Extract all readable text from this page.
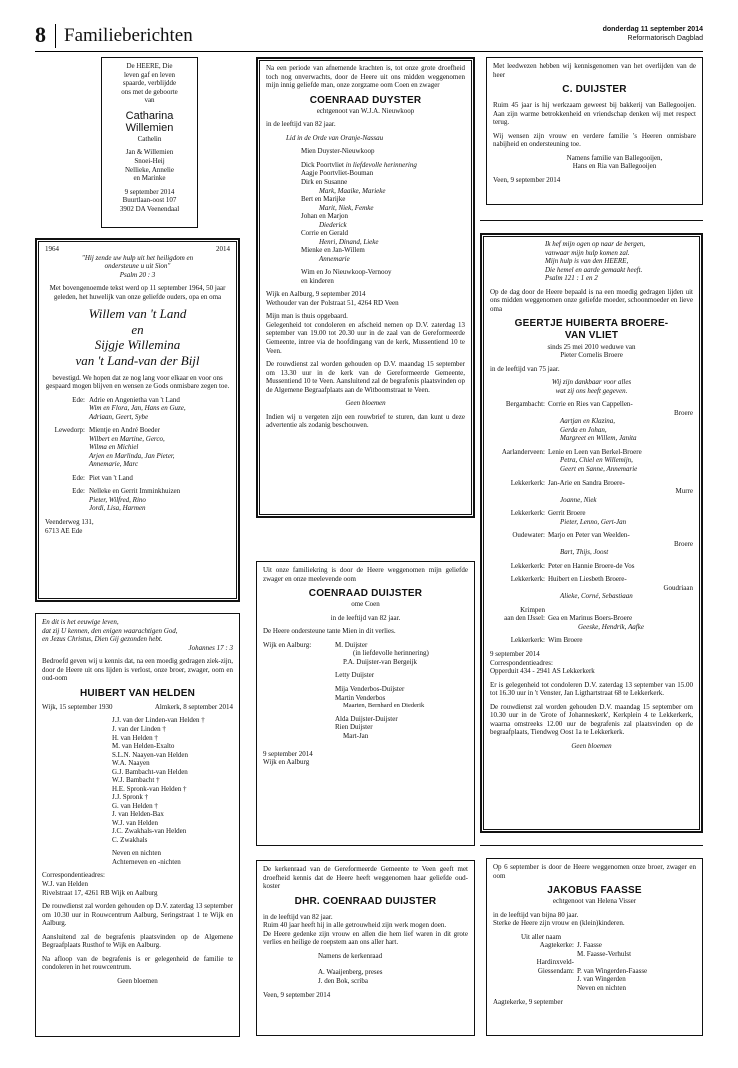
8 Familieberichten	donderdag 11 september 2014
Reformatorisch Dagblad
De HEERE, Die
leven gaf en leven
spaarde, verblijdde
ons met de geboorte
van
Catharina
Willemien
Cathelin
Jan & Willemien
Snoei-Heij
Nellieke, Annelie
en Marinke
9 september 2014
Buurtlaan-oost 107
3902 DA Veenendaal
1964	2014
"Hij zende uw hulp uit het heiligdom en
ondersteune u uit Sion"
Psalm 20 : 3

Met bovengenoemde tekst werd op 11 september 1964, 50 jaar geleden, het huwelijk van onze geliefde ouders, opa en oma

Willem van 't Land
en
Sijgje Willemina
van 't Land-van der Bijl

bevestigd. We hopen dat ze nog lang voor elkaar en voor ons gespaard mogen blijven en wensen ze Gods onmisbare zegen toe.

Ede: Adrie en Angenietha van 't Land
Wim en Flora, Jan, Hans en Guze,
Adriaan, Geert, Sybe
Lewedorp: Mientje en André Boeder
Wilbert en Martine, Gerco,
Wilma en Michiel
Arjen en Marlinda, Jan Pieter,
Annemarie, Marc
Ede: Piet van 't Land
Ede: Nelleke en Gerrit Imminkhuizen
Pieter, Wilfred, Rino
Jordi, Lisa, Harmen
Veenderweg 131,
6713 AE Ede
En dit is het eeuwige leven,
dat zij U kennen, den enigen waarachtigen God,
en Jezus Christus, Dien Gij gezonden hebt.
Johannes 17 : 3

Bedroefd geven wij u kennis dat, na een moedig gedragen ziek-zijn, door de Heere uit ons lijden is verlost, onze broer, zwager, oom en oud-oom

HUIBERT VAN HELDEN
Wijk, 15 september 1930	Almkerk, 8 september 2014
J.J. van der Linden-van Helden †
J. van der Linden †
H. van Helden †
M. van Helden-Exalto
S.L.N. Naayen-van Helden
W.A. Naayen
G.J. Bambacht-van Helden
W.J. Bambacht †
H.E. Spronk-van Helden †
J.J. Spronk †
G. van Helden †
J. van Helden-Bax
W.J. van Helden
J.C. Zwakhals-van Helden
C. Zwakhals
Neven en nichten
Achterneven en -nichten
Correspondentieadres:
W.J. van Helden
Rivelstraat 17, 4261 RB Wijk en Aalburg

De rouwdienst zal worden gehouden op D.V. zaterdag 13 september om 10.30 uur in Rouwcentrum Aalburg, Seringstraat 1 te Wijk en Aalburg.

Aansluitend zal de begrafenis plaatsvinden op de Algemene Begraafplaats Rusthof te Wijk en Aalburg.

Na afloop van de begrafenis is er gelegenheid de familie te condoleren in het rouwcentrum.

Geen bloemen

Na een periode van afnemende krachten is, tot onze grote droefheid toch nog onverwachts, door de Heere uit ons midden weggenomen mijn innig geliefde man, onze zorgzame oom Coen en zwager

COENRAAD DUYSTER
echtgenoot van W.J.A. Nieuwkoop
in de leeftijd van 82 jaar.
Lid in de Orde van Oranje-Nassau
Mien Duyster-Nieuwkoop
Dick Poortvliet in liefdevolle herinnering
Aagje Poortvliet-Bouman
Dirk en Susanne
Mark, Maaike, Marieke
Bert en Marijke
Marit, Niek, Femke
Johan en Marjon
Diederick
Corrie en Gerald
Henri, Dinand, Lieke
Mienke en Jan-Willem
Annemarie
Wim en Jo Nieuwkoop-Vernooy
en kinderen
Wijk en Aalburg, 9 september 2014
Wethouder van der Polstraat 51, 4264 RD Veen
Mijn man is thuis opgebaard.

Gelegenheid tot condoleren en afscheid nemen op D.V. zaterdag 13 september van 19.00 tot 20.30 uur in de zaal van de Gereformeerde Gemeente, intree via de hoofdingang van de kerk, Mussentiend 10 te Veen.

De rouwdienst zal worden gehouden op D.V. maandag 15 september om 13.30 uur in de kerk van de Gereformeerde Gemeente, Mussentiend 10 te Veen. Aansluitend zal de begrafenis plaatsvinden op de Algemene Begraafplaats aan de Witboomstraat te Veen.

Geen bloemen

Indien wij u vergeten zijn een rouwbrief te sturen, dan kunt u deze advertentie als zodanig beschouwen.

Uit onze familiekring is door de Heere weggenomen mijn geliefde zwager en onze meelevende oom

COENRAAD DUIJSTER
ome Coen
in de leeftijd van 82 jaar.
De Heere ondersteune tante Mien in dit verlies.
Wijk en Aalburg:	M. Duijster
(in liefdevolle herinnering)
P.A. Duijster-van Bergeijk
Letty Duijster
Mija Venderbos-Duijster
Martin Venderbos
Maarten, Bernhard en Diederik
Alda Duijster-Duijster
Rien Duijster
Mart-Jan
9 september 2014
Wijk en Aalburg

De kerkenraad van de Gereformeerde Gemeente te Veen geeft met droefheid kennis dat de Heere heeft weggenomen haar geliefde oud-koster

DHR. COENRAAD DUIJSTER
in de leeftijd van 82 jaar.

Ruim 40 jaar heeft hij in alle getrouwheid zijn werk mogen doen.

De Heere gedenke zijn vrouw en allen die hem lief waren in dit grote verlies en heilige de roepstem aan ons aller hart.

Namens de kerkenraad
A. Waaijenberg, preses
J. den Bok, scriba
Veen, 9 september 2014

Met leedwezen hebben wij kennisgenomen van het overlijden van de heer

C. DUIJSTER

Ruim 45 jaar is hij werkzaam geweest bij bakkerij van Ballegooijen. Aan zijn warme betrokkenheid en vriendschap denken wij met respect terug.

Wij wensen zijn vrouw en verdere familie 's Heeren onmisbare nabijheid en ondersteuning toe.

Namens familie van Ballegooijen,
Hans en Ria van Ballegooijen
Veen, 9 september 2014
Ik hef mijn ogen op naar de bergen,
vanwaar mijn hulp komen zal.
Mijn hulp is van den HEERE,
Die hemel en aarde gemaakt heeft.
Psalm 121 : 1 en 2

Op de dag door de Heere bepaald is na een moedig gedragen lijden uit ons midden weggenomen onze geliefde moeder, schoonmoeder en lieve oma

GEERTJE HUIBERTA BROERE-
VAN VLIET
sinds 25 mei 2010 weduwe van
Pieter Cornelis Broere
in de leeftijd van 75 jaar.
Wij zijn dankbaar voor alles
wat zij ons heeft gegeven.
Bergambacht: Corrie en Ries van Cappellen-
Broere
Aartjan en Klazina,
Gerda en Johan,
Margreet en Willem, Janita
Aarlanderveen: Lenie en Leen van Berkel-Broere
Petra, Chiel en Willemijn,
Geert en Sanne, Annemarie
Lekkerkerk: Jan-Arie en Sandra Broere-
Murre
Joanne, Niek
Lekkerkerk: Gerrit Broere
Pieter, Lenno, Gert-Jan
Oudewater: Marjo en Peter van Weelden-
Broere
Bart, Thijs, Joost
Lekkerkerk: Peter en Hannie Broere-de Vos
Lekkerkerk: Huibert en Liesbeth Broere-
Goudriaan
Alieke, Corné, Sebastiaan
Krimpen
aan den IJssel: Gea en Marinus Boers-Broere
Geeske, Hendrik, Aafke
Lekkerkerk: Wim Broere
9 september 2014
Correspondentieadres:
Opperduit 434 - 2941 AS Lekkerkerk

Er is gelegenheid tot condoleren D.V. zaterdag 13 september van 15.00 tot 16.30 uur in 't Venster, Jan Ligthartstraat 68 te Lekkerkerk.

De rouwdienst zal worden gehouden D.V. maandag 15 september om 10.30 uur in de 'Grote of Johanneskerk', Kerkplein 4 te Lekkerkerk, waarna omstreeks 12.00 uur de begrafenis zal plaatsvinden op de begraafplaats, Tiendweg Oost 1a te Lekkerkerk.

Geen bloemen

Op 6 september is door de Heere weggenomen onze broer, zwager en oom

JAKOBUS FAASSE
echtgenoot van Helena Visser
in de leeftijd van bijna 80 jaar.
Sterke de Heere zijn vrouw en (klein)kinderen.
Uit aller naam
Aagtekerke: J. Faasse
M. Faasse-Verhulst
Hardinxveld-
Giessendam: P. van Wingerden-Faasse
J. van Wingerden
Neven en nichten
Aagtekerke, 9 september
